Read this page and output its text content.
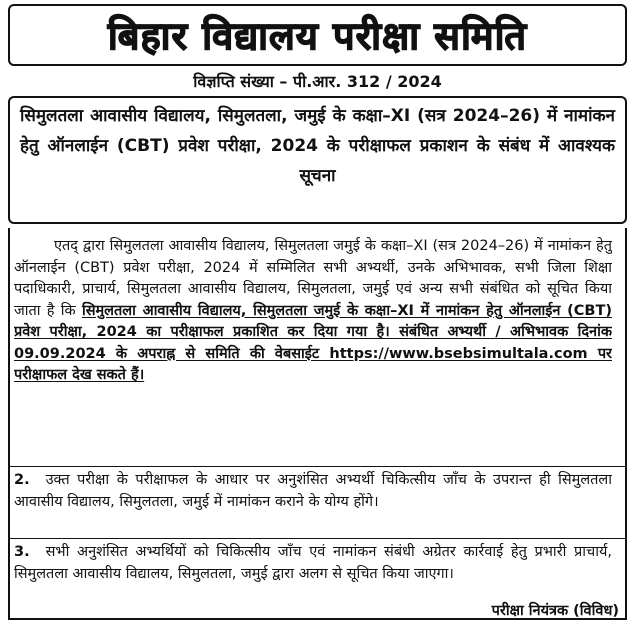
बिहार विद्यालय परीक्षा समिति
विज्ञप्ति संख्या – पी.आर. 312 / 2024
सिमुलतला आवासीय विद्यालय, सिमुलतला, जमुई के कक्षा–XI (सत्र 2024–26) में नामांकन हेतु ऑनलाईन (CBT) प्रवेश परीक्षा, 2024 के परीक्षाफल प्रकाशन के संबंध में आवश्यक सूचना
एतद् द्वारा सिमुलतला आवासीय विद्यालय, सिमुलतला जमुई के कक्षा–XI (सत्र 2024–26) में नामांकन हेतु ऑनलाईन (CBT) प्रवेश परीक्षा, 2024 में सम्मिलित सभी अभ्यर्थी, उनके अभिभावक, सभी जिला शिक्षा पदाधिकारी, प्राचार्य, सिमुलतला आवासीय विद्यालय, सिमुलतला, जमुई एवं अन्य सभी संबंधित को सूचित किया जाता है कि सिमुलतला आवासीय विद्यालय, सिमुलतला जमुई के कक्षा–XI में नामांकन हेतु ऑनलाईन (CBT) प्रवेश परीक्षा, 2024 का परीक्षाफल प्रकाशित कर दिया गया है। संबंधित अभ्यर्थी / अभिभावक दिनांक 09.09.2024 के अपराह्न से समिति की वेबसाईट https://www.bsebsimultala.com पर परीक्षाफल देख सकते हैं।
2. उक्त परीक्षा के परीक्षाफल के आधार पर अनुशंसित अभ्यर्थी चिकित्सीय जाँच के उपरान्त ही सिमुलतला आवासीय विद्यालय, सिमुलतला, जमुई में नामांकन कराने के योग्य होंगे।
3. सभी अनुशंसित अभ्यर्थियों को चिकित्सीय जाँच एवं नामांकन संबंधी अग्रेतर कार्रवाई हेतु प्रभारी प्राचार्य, सिमुलतला आवासीय विद्यालय, सिमुलतला, जमुई द्वारा अलग से सूचित किया जाएगा।
परीक्षा नियंत्रक (विविध)
